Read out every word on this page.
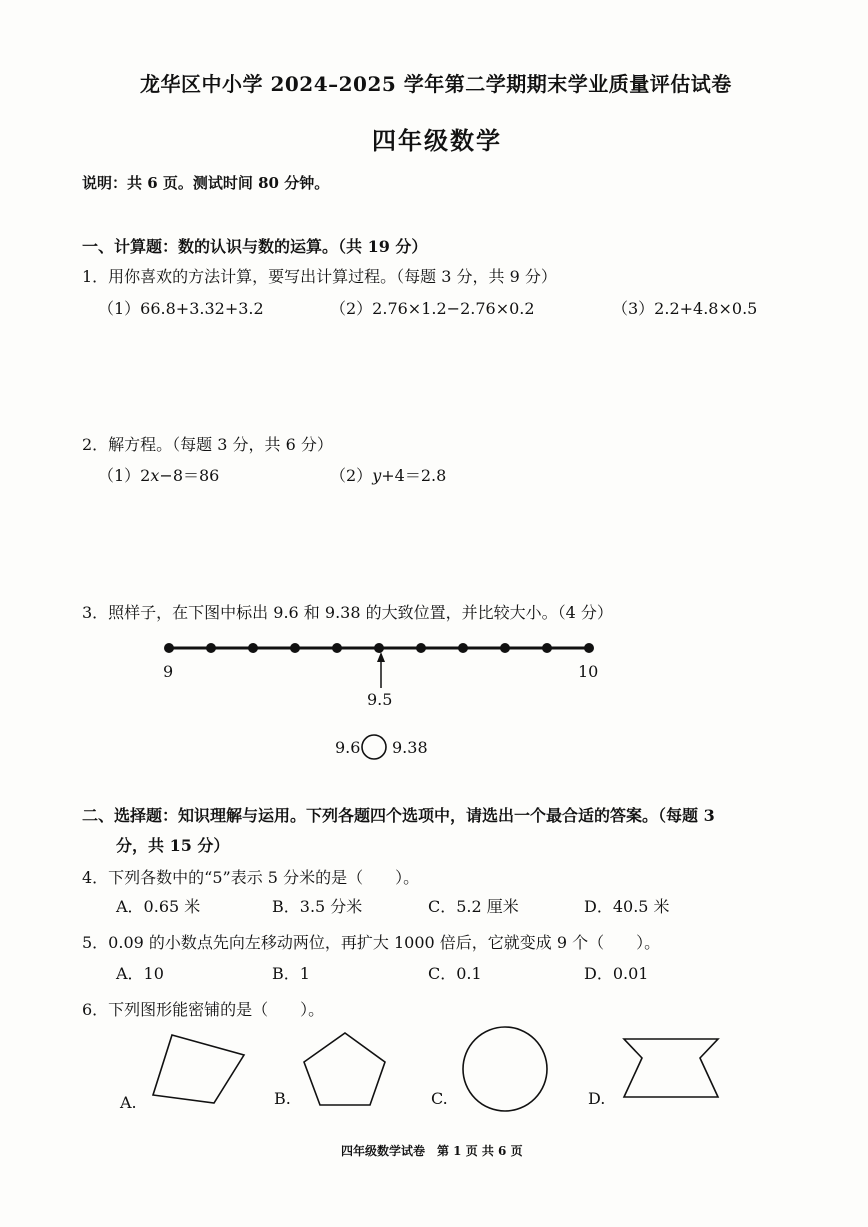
龙华区中小学 2024–2025 学年第二学期期末学业质量评估试卷
四年级数学
说明：共 6 页。测试时间 80 分钟。
一、计算题：数的认识与数的运算。（共 19 分）
1．用你喜欢的方法计算，要写出计算过程。（每题 3 分，共 9 分）
（1）66.8+3.32+3.2	（2）2.76×1.2−2.76×0.2	（3）2.2+4.8×0.5
2．解方程。（每题 3 分，共 6 分）
（1）2x−8＝86	（2）y+4＝2.8
3．照样子，在下图中标出 9.6 和 9.38 的大致位置，并比较大小。（4 分）
9	10
9.5
9.6 9.38
二、选择题：知识理解与运用。下列各题四个选项中，请选出一个最合适的答案。（每题 3
分，共 15 分）
4．下列各数中的“5”表示 5 分米的是（　　）。
A．0.65 米	B．3.5 分米	C．5.2 厘米	D．40.5 米
5．0.09 的小数点先向左移动两位，再扩大 1000 倍后，它就变成 9 个（　　）。
A．10	B．1	C．0.1	D．0.01
6．下列图形能密铺的是（　　）。
A.	B.	C.	D.
四年级数学试卷　第 1 页 共 6 页
